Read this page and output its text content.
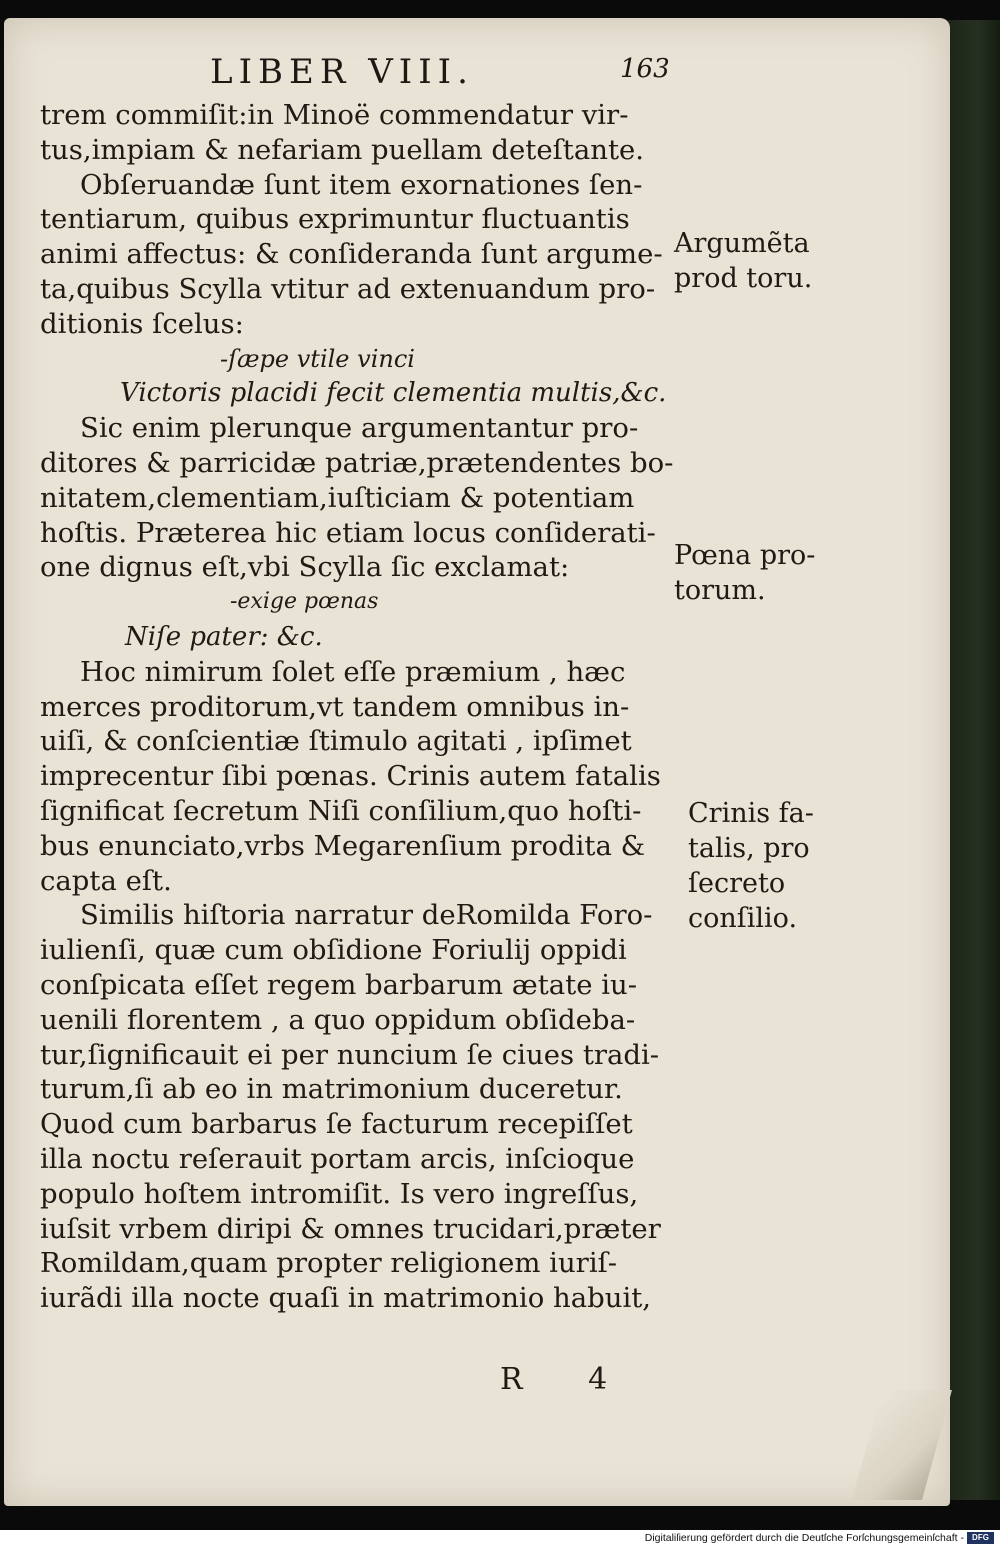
LIBER VIII.	163
trem commiſit:in Minoë commendatur vir-
tus,impiam & nefariam puellam deteſtante.
Obſeruandæ ſunt item exornationes ſen-
tentiarum, quibus exprimuntur fluctuantis
animi affectus: & conſideranda ſunt argume-
ta,quibus Scylla vtitur ad extenuandum pro-
ditionis ſcelus:
-ſæpe vtile vinci
Victoris placidi fecit clementia multis,&c.
Sic enim plerunque argumentantur pro-
ditores & parricidæ patriæ,prætendentes bo-
nitatem,clementiam,iuſticiam & potentiam
hoſtis. Præterea hic etiam locus conſiderati-
one dignus eſt,vbi Scylla ſic exclamat:
-exige pœnas
Niſe pater: &c.
Hoc nimirum ſolet eſſe præmium , hæc
merces proditorum,vt tandem omnibus in-
uiſi, & conſcientiæ ſtimulo agitati , ipſimet
imprecentur ſibi pœnas. Crinis autem fatalis
ſignificat ſecretum Niſi conſilium,quo hoſti-
bus enunciato,vrbs Megarenſium prodita &
capta eſt.
Similis hiſtoria narratur deRomilda Foro-
iulienſi, quæ cum obſidione Foriulij oppidi
conſpicata eſſet regem barbarum ætate iu-
uenili florentem , a quo oppidum obſideba-
tur,ſignificauit ei per nuncium ſe ciues tradi-
turum,ſi ab eo in matrimonium duceretur.
Quod cum barbarus ſe facturum recepiſſet
illa noctu reſerauit portam arcis, inſcioque
populo hoſtem intromiſit. Is vero ingreſſus,
iuſsit vrbem diripi & omnes trucidari,præter
Romildam,quam propter religionem iuriſ-
iurãdi illa nocte quaſi in matrimonio habuit,
Argumẽta
prod toru.
Pœna pro-
torum.
Crinis fa-
talis, pro
ſecreto
conſilio.
R 4
Digitaliſierung gefördert durch die Deutſche Forſchungsgemeinſchaft -	DFG
